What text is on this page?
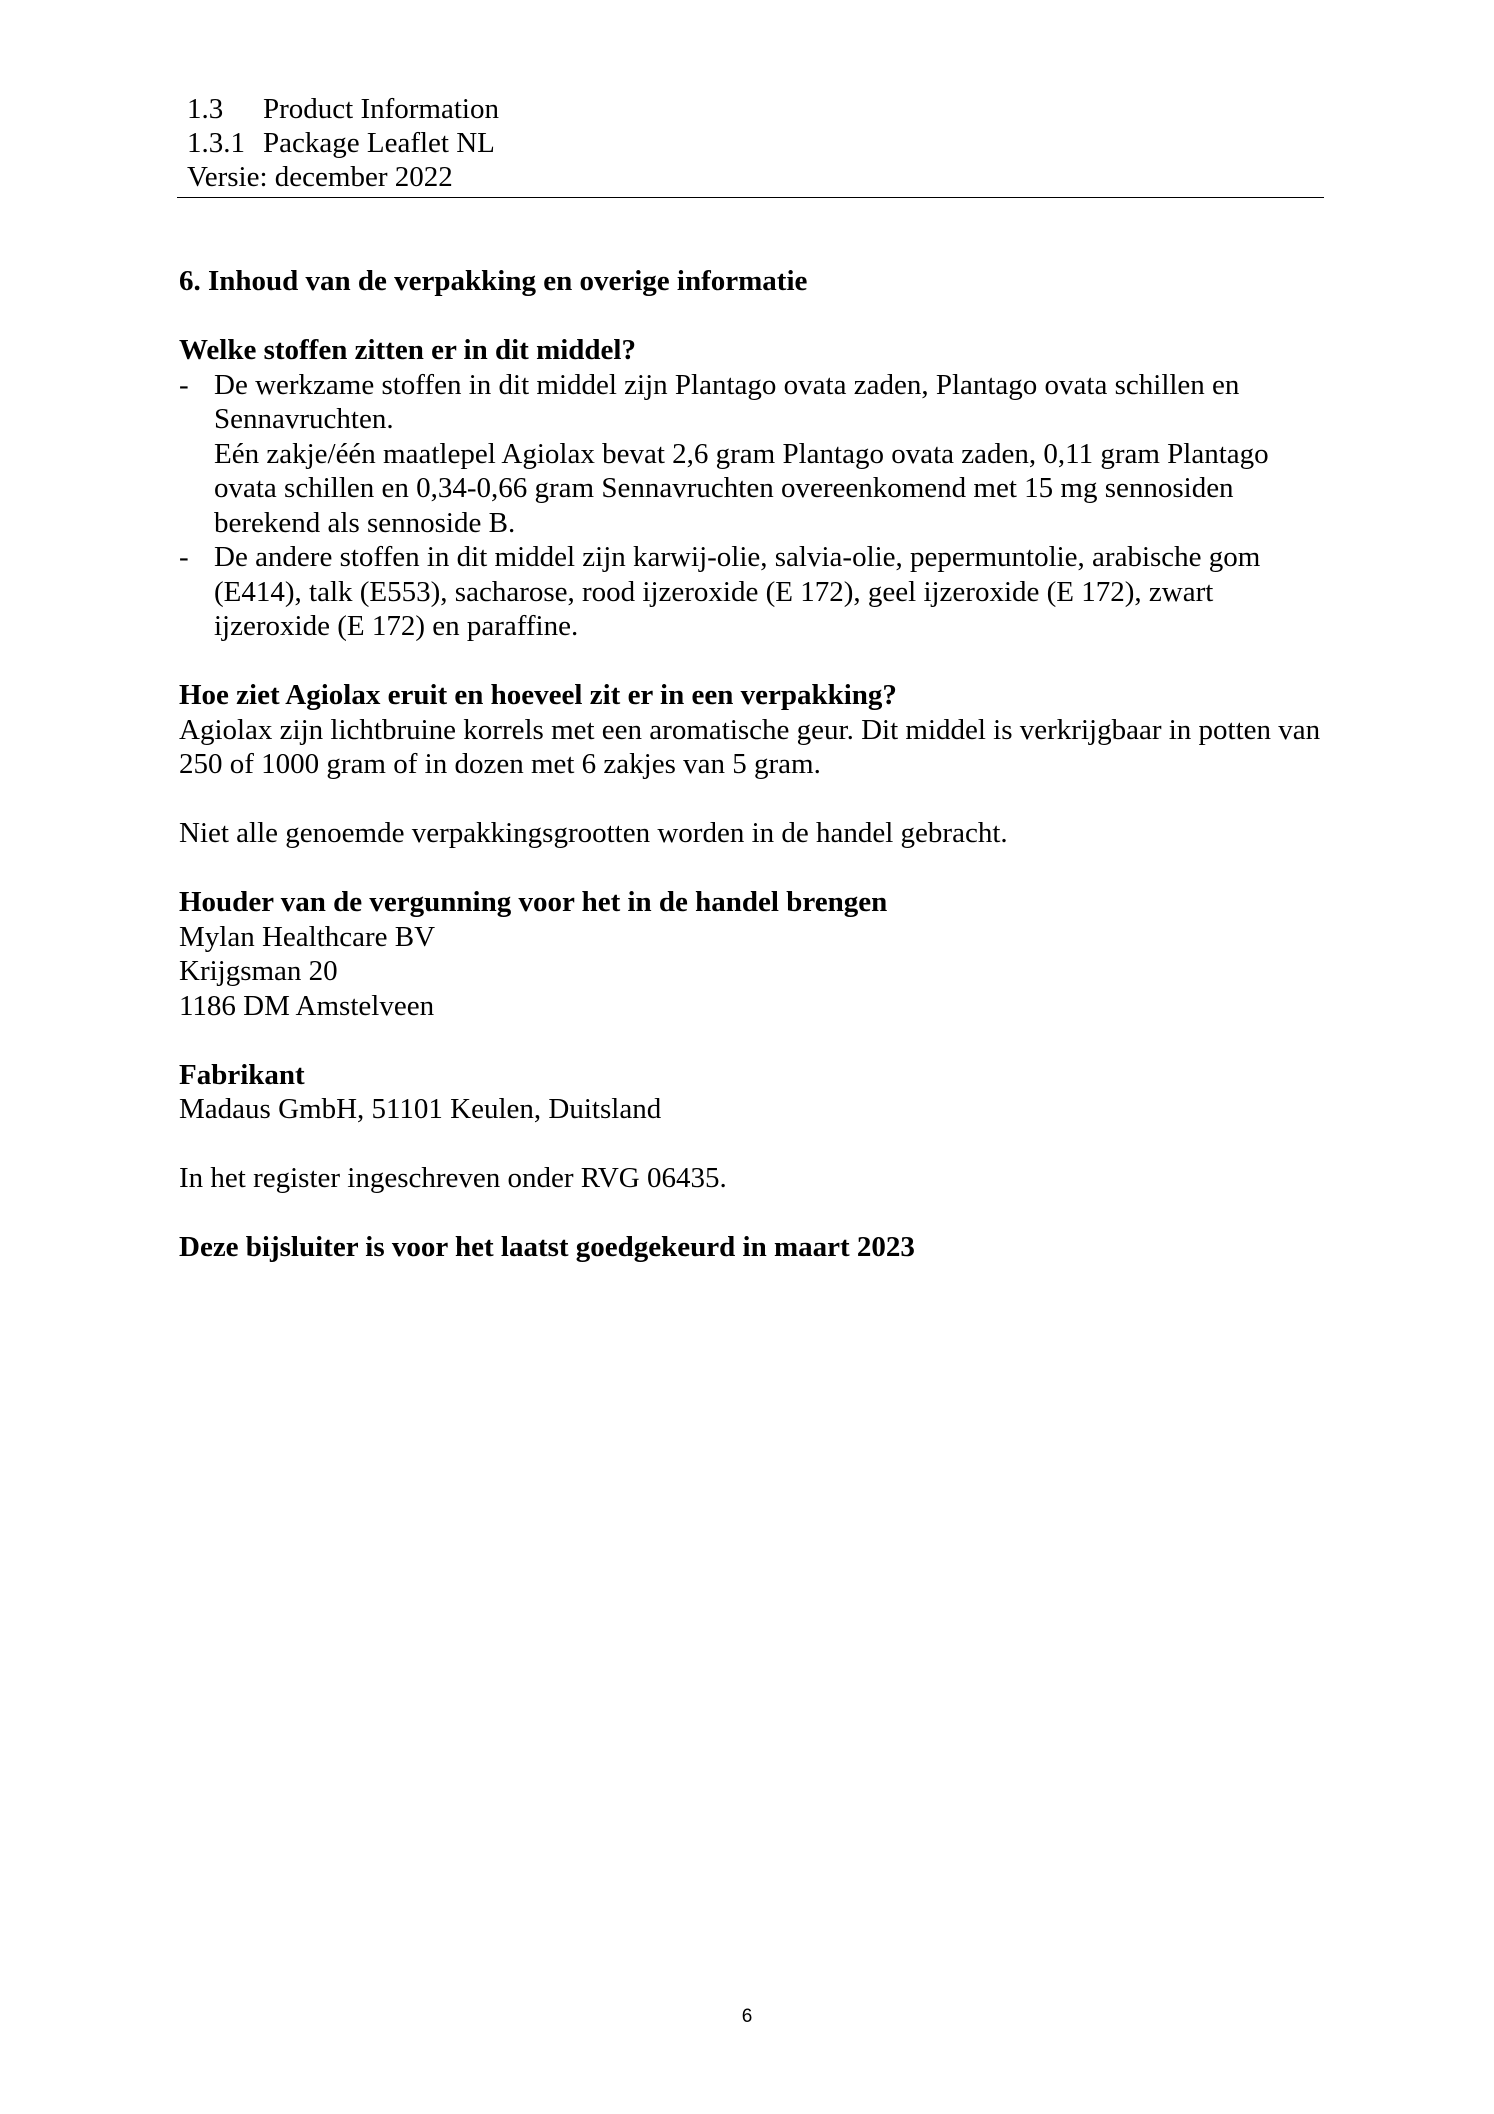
1.3 Product Information
1.3.1 Package Leaflet NL
Versie: december 2022

6. Inhoud van de verpakking en overige informatie

Welke stoffen zitten er in dit middel?

- De werkzame stoffen in dit middel zijn Plantago ovata zaden, Plantago ovata schillen en Sennavruchten.

Eén zakje/één maatlepel Agiolax bevat 2,6 gram Plantago ovata zaden, 0,11 gram Plantago ovata schillen en 0,34-0,66 gram Sennavruchten overeenkomend met 15 mg sennosiden berekend als sennoside B.

- De andere stoffen in dit middel zijn karwij-olie, salvia-olie, pepermuntolie, arabische gom (E414), talk (E553), sacharose, rood ijzeroxide (E 172), geel ijzeroxide (E 172), zwart ijzeroxide (E 172) en paraffine.

Hoe ziet Agiolax eruit en hoeveel zit er in een verpakking?

Agiolax zijn lichtbruine korrels met een aromatische geur. Dit middel is verkrijgbaar in potten van 250 of 1000 gram of in dozen met 6 zakjes van 5 gram.

Niet alle genoemde verpakkingsgrootten worden in de handel gebracht.

Houder van de vergunning voor het in de handel brengen

Mylan Healthcare BV

Krijgsman 20

1186 DM Amstelveen

Fabrikant

Madaus GmbH, 51101 Keulen, Duitsland

In het register ingeschreven onder RVG 06435.

Deze bijsluiter is voor het laatst goedgekeurd in maart 2023

6
